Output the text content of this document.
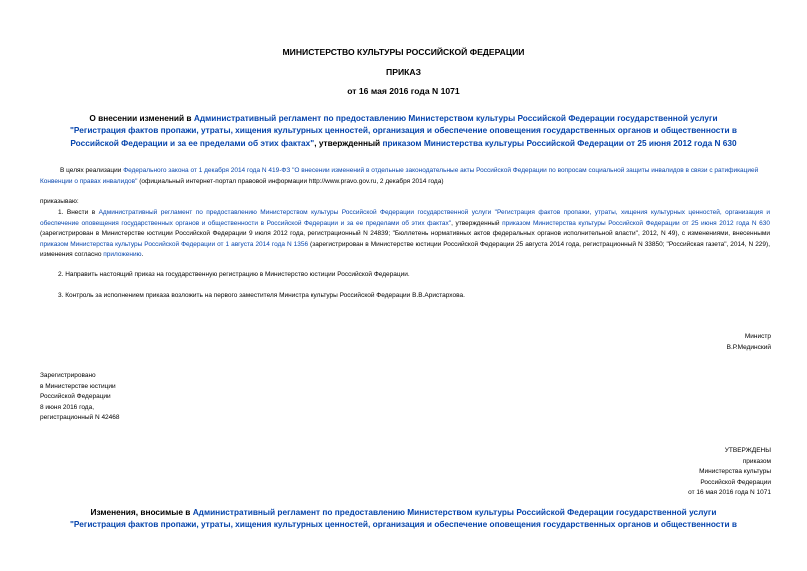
МИНИСТЕРСТВО КУЛЬТУРЫ РОССИЙСКОЙ ФЕДЕРАЦИИ
ПРИКАЗ
от 16 мая 2016 года N 1071
О внесении изменений в Административный регламент по предоставлению Министерством культуры Российской Федерации государственной услуги
"Регистрация фактов пропажи, утраты, хищения культурных ценностей, организация и обеспечение оповещения государственных органов и общественности в
Российской Федерации и за ее пределами об этих фактах", утвержденный приказом Министерства культуры Российской Федерации от 25 июня 2012 года N 630
В целях реализации Федерального закона от 1 декабря 2014 года N 419-ФЗ "О внесении изменений в отдельные законодательные акты Российской Федерации по вопросам социальной защиты инвалидов в связи с ратификацией Конвенции о правах инвалидов" (официальный интернет-портал правовой информации http://www.pravo.gov.ru, 2 декабря 2014 года)
приказываю:
1. Внести в Административный регламент по предоставлению Министерством культуры Российской Федерации государственной услуги "Регистрация фактов пропажи, утраты, хищения культурных ценностей, организация и обеспечение оповещения государственных органов и общественности в Российской Федерации и за ее пределами об этих фактах", утвержденный приказом Министерства культуры Российской Федерации от 25 июня 2012 года N 630 (зарегистрирован в Министерстве юстиции Российской Федерации 9 июля 2012 года, регистрационный N 24839; "Бюллетень нормативных актов федеральных органов исполнительной власти", 2012, N 49), с изменениями, внесенными приказом Министерства культуры Российской Федерации от 1 августа 2014 года N 1356 (зарегистрирован в Министерстве юстиции Российской Федерации 25 августа 2014 года, регистрационный N 33850; "Российская газета", 2014, N 229), изменения согласно приложению.
2. Направить настоящий приказ на государственную регистрацию в Министерство юстиции Российской Федерации.
3. Контроль за исполнением приказа возложить на первого заместителя Министра культуры Российской Федерации В.В.Аристархова.
Министр
В.Р.Мединский
Зарегистрировано
в Министерстве юстиции
Российской Федерации
8 июня 2016 года,
регистрационный N 42468
УТВЕРЖДЕНЫ
приказом
Министерства культуры
Российской Федерации
от 16 мая 2016 года N 1071
Изменения, вносимые в Административный регламент по предоставлению Министерством культуры Российской Федерации государственной услуги
"Регистрация фактов пропажи, утраты, хищения культурных ценностей, организация и обеспечение оповещения государственных органов и общественности в
